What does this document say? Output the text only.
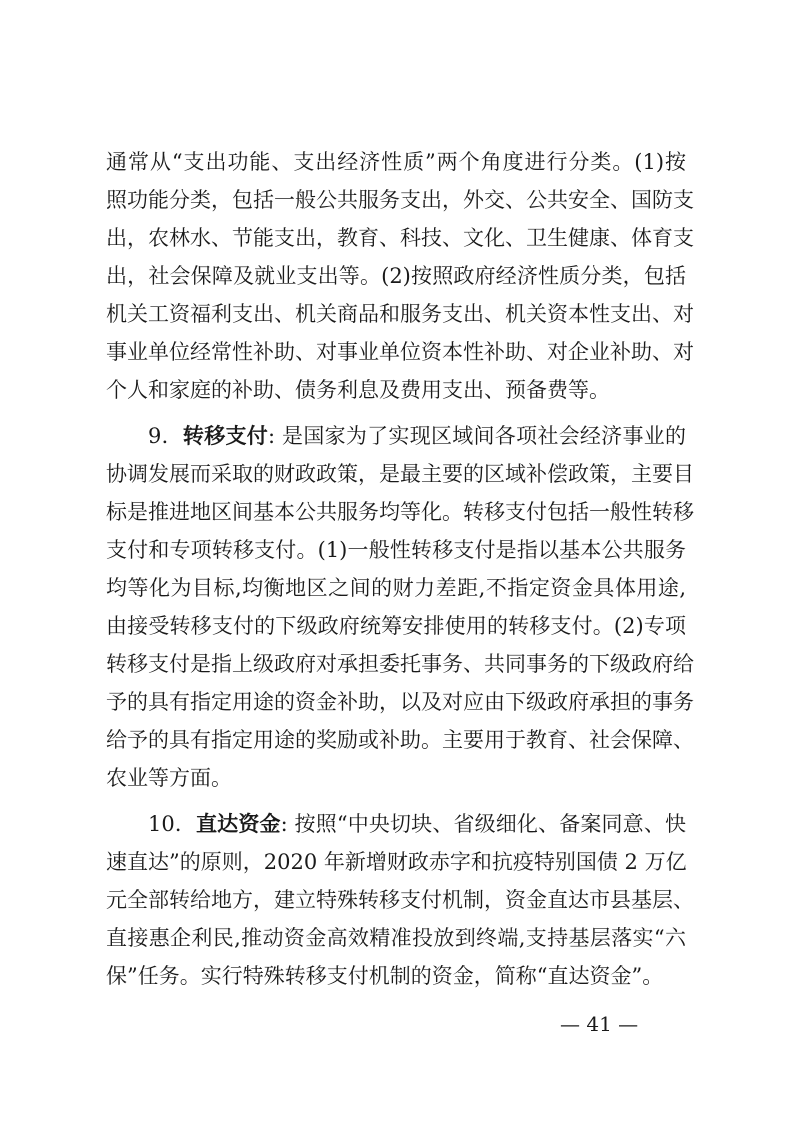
通常从“支出功能、支出经济性质”两个角度进行分类。(1)按
照功能分类，包括一般公共服务支出，外交、公共安全、国防支
出，农林水、节能支出，教育、科技、文化、卫生健康、体育支
出，社会保障及就业支出等。(2)按照政府经济性质分类，包括
机关工资福利支出、机关商品和服务支出、机关资本性支出、对
事业单位经常性补助、对事业单位资本性补助、对企业补助、对
个人和家庭的补助、债务利息及费用支出、预备费等。
9．转移支付: 是国家为了实现区域间各项社会经济事业的
协调发展而采取的财政政策，是最主要的区域补偿政策，主要目
标是推进地区间基本公共服务均等化。转移支付包括一般性转移
支付和专项转移支付。(1)一般性转移支付是指以基本公共服务
均等化为目标,均衡地区之间的财力差距,不指定资金具体用途,
由接受转移支付的下级政府统筹安排使用的转移支付。(2)专项
转移支付是指上级政府对承担委托事务、共同事务的下级政府给
予的具有指定用途的资金补助，以及对应由下级政府承担的事务
给予的具有指定用途的奖励或补助。主要用于教育、社会保障、
农业等方面。
10．直达资金: 按照“中央切块、省级细化、备案同意、快
速直达”的原则，2020 年新增财政赤字和抗疫特别国债 2 万亿
元全部转给地方，建立特殊转移支付机制，资金直达市县基层、
直接惠企利民,推动资金高效精准投放到终端,支持基层落实“六
保”任务。实行特殊转移支付机制的资金，简称“直达资金”。
— 41 —
